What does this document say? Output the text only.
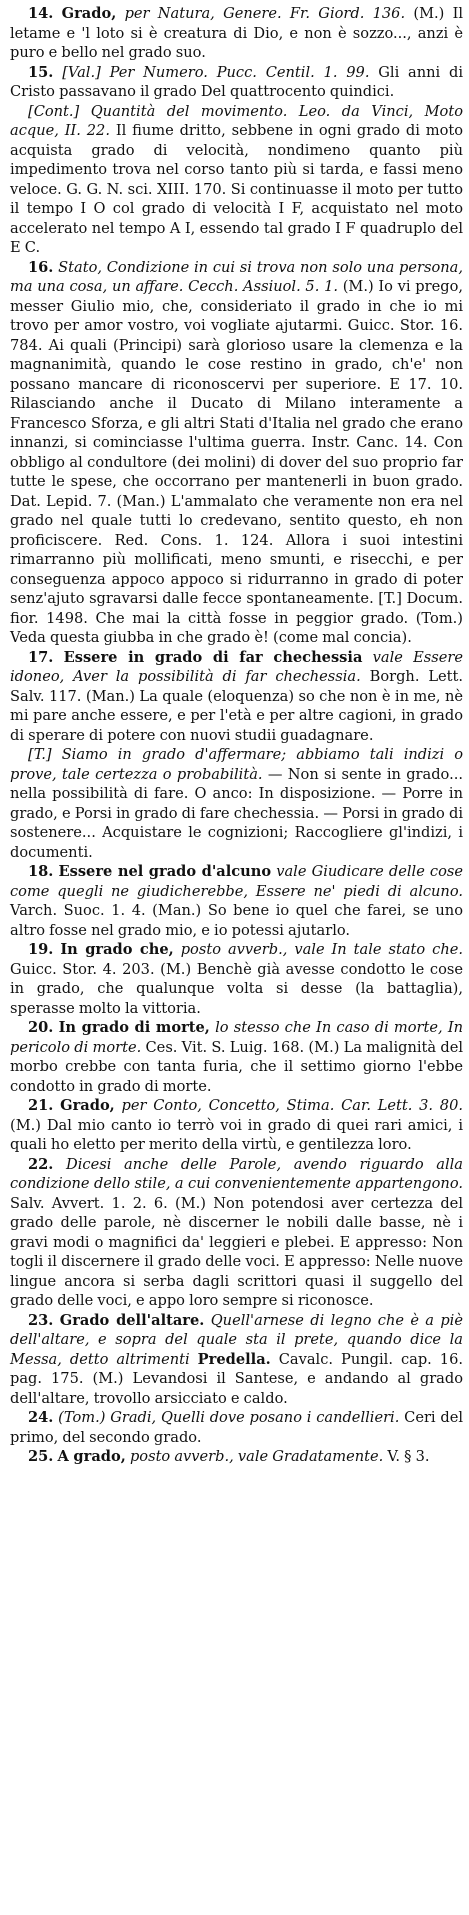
14. Grado, per Natura, Genere. Fr. Giord. 136. (M.) Il letame e 'l loto si è creatura di Dio, e non è sozzo..., anzi è puro e bello nel grado suo.

15. [Val.] Per Numero. Pucc. Centil. 1. 99. Gli anni di Cristo passavano il grado Del quattrocento quindici.

[Cont.] Quantità del movimento. Leo. da Vinci, Moto acque, II. 22. Il fiume dritto, sebbene in ogni grado di moto acquista grado di velocità, nondimeno quanto più impedimento trova nel corso tanto più si tarda, e fassi meno veloce. G. G. N. sci. XIII. 170. Si continuasse il moto per tutto il tempo I O col grado di velocità I F, acquistato nel moto accelerato nel tempo A I, essendo tal grado I F quadruplo del E C.

16. Stato, Condizione in cui si trova non solo una persona, ma una cosa, un affare. Cecch. Assiuol. 5. 1. (M.) Io vi prego, messer Giulio mio, che, consideriato il grado in che io mi trovo per amor vostro, voi vogliate ajutarmi. Guicc. Stor. 16. 784. Ai quali (Principi) sarà glorioso usare la clemenza e la magnanimità, quando le cose restino in grado, ch'e' non possano mancare di riconoscervi per superiore. E 17. 10. Rilasciando anche il Ducato di Milano interamente a Francesco Sforza, e gli altri Stati d'Italia nel grado che erano innanzi, si cominciasse l'ultima guerra. Instr. Canc. 14. Con obbligo al condultore (dei molini) di dover del suo proprio far tutte le spese, che occorrano per mantenerli in buon grado. Dat. Lepid. 7. (Man.) L'ammalato che veramente non era nel grado nel quale tutti lo credevano, sentito questo, eh non proficiscere. Red. Cons. 1. 124. Allora i suoi intestini rimarranno più mollificati, meno smunti, e risecchi, e per conseguenza appoco appoco si ridurranno in grado di poter senz'ajuto sgravarsi dalle fecce spontaneamente. [T.] Docum. fior. 1498. Che mai la città fosse in peggior grado. (Tom.) Veda questa giubba in che grado è! (come mal concia).

17. Essere in grado di far chechessia vale Essere idoneo, Aver la possibilità di far chechessia. Borgh. Lett. Salv. 117. (Man.) La quale (eloquenza) so che non è in me, nè mi pare anche essere, e per l'età e per altre cagioni, in grado di sperare di potere con nuovi studii guadagnare.

[T.] Siamo in grado d'affermare; abbiamo tali indizi o prove, tale certezza o probabilità. — Non si sente in grado... nella possibilità di fare. O anco: In disposizione. — Porre in grado, e Porsi in grado di fare chechessia. — Porsi in grado di sostenere... Acquistare le cognizioni; Raccogliere gl'indizi, i documenti.

18. Essere nel grado d'alcuno vale Giudicare delle cose come quegli ne giudicherebbe, Essere ne' piedi di alcuno. Varch. Suoc. 1. 4. (Man.) So bene io quel che farei, se uno altro fosse nel grado mio, e io potessi ajutarlo.

19. In grado che, posto avverb., vale In tale stato che. Guicc. Stor. 4. 203. (M.) Benchè già avesse condotto le cose in grado, che qualunque volta si desse (la battaglia), sperasse molto la vittoria.

20. In grado di morte, lo stesso che In caso di morte, In pericolo di morte. Ces. Vit. S. Luig. 168. (M.) La malignità del morbo crebbe con tanta furia, che il settimo giorno l'ebbe condotto in grado di morte.

21. Grado, per Conto, Concetto, Stima. Car. Lett. 3. 80. (M.) Dal mio canto io terrò voi in grado di quei rari amici, i quali ho eletto per merito della virtù, e gentilezza loro.

22. Dicesi anche delle Parole, avendo riguardo alla condizione dello stile, a cui convenientemente appartengono. Salv. Avvert. 1. 2. 6. (M.) Non potendosi aver certezza del grado delle parole, nè discerner le nobili dalle basse, nè i gravi modi o magnifici da' leggieri e plebei. E appresso: Non togli il discernere il grado delle voci. E appresso: Nelle nuove lingue ancora si serba dagli scrittori quasi il suggello del grado delle voci, e appo loro sempre si riconosce.

23. Grado dell'altare. Quell'arnese di legno che è a piè dell'altare, e sopra del quale sta il prete, quando dice la Messa, detto altrimenti Predella. Cavalc. Pungil. cap. 16. pag. 175. (M.) Levandosi il Santese, e andando al grado dell'altare, trovollo arsicciato e caldo.

24. (Tom.) Gradi, Quelli dove posano i candellieri. Ceri del primo, del secondo grado.

25. A grado, posto avverb., vale Gradatamente. V. § 3.
